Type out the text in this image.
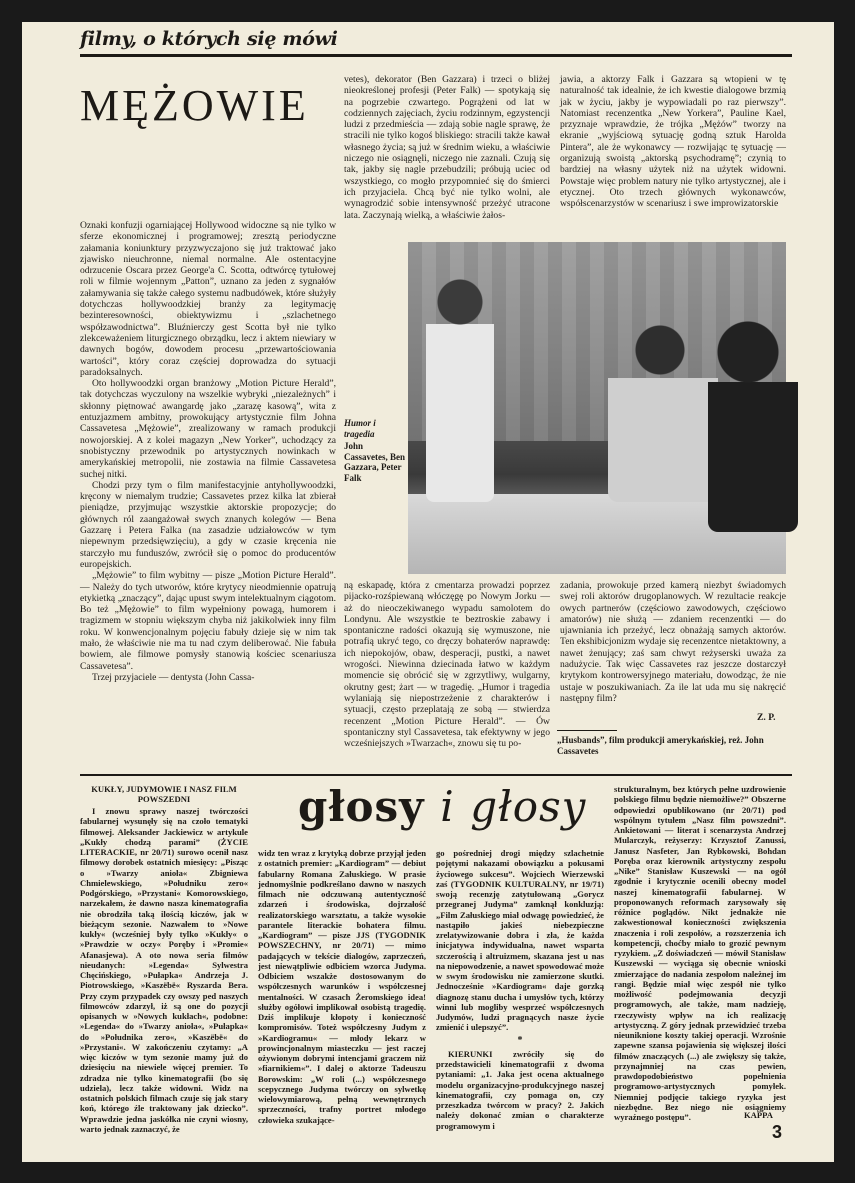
filmy, o których się mówi
MĘŻOWIE

Oznaki konfuzji ogarniającej Hollywood widoczne są nie tylko w sferze ekonomicznej i programowej; zresztą periodyczne załamania koniunktury przyzwyczajono się już traktować jako zjawisko nieuchronne, niemal normalne. Ale ostentacyjne odrzucenie Oscara przez George'a C. Scotta, odtwórcę tytułowej roli w filmie wojennym „Patton”, uznano za jeden z sygnałów załamywania się także całego systemu nadbudówek, które służyły dotychczas hollywoodzkiej branży za legitymację bezinteresowności, obiektywizmu i „szlachetnego współzawodnictwa”. Bluźnierczy gest Scotta był nie tylko zlekceważeniem liturgicznego obrządku, lecz i aktem niewiary w dawnych bogów, dowodem procesu „przewartościowania wartości”, który coraz częściej doprowadza do sytuacji paradoksalnych.

Oto hollywoodzki organ branżowy „Motion Picture Herald”, tak dotychczas wyczulony na wszelkie wybryki „niezależnych” i skłonny piętnować awangardę jako „zarazę kasową”, wita z entuzjazmem ambitny, prowokujący artystycznie film Johna Cassavetesa „Mężowie”, zrealizowany w ramach produkcji nowojorskiej. A z kolei magazyn „New Yorker”, uchodzący za snobistyczny przewodnik po artystycznych nowinkach w amerykańskiej metropolii, nie zostawia na filmie Cassavetesa suchej nitki.

Chodzi przy tym o film manifestacyjnie antyhollywoodzki, kręcony w niemalym trudzie; Cassavetes przez kilka lat zbierał pieniądze, przyjmując wszystkie aktorskie propozycje; do głównych ról zaangażował swych znanych kolegów — Bena Gazzarę i Petera Falka (na zasadzie udziałowców w tym niepewnym przedsięwzięciu), a gdy w czasie kręcenia nie starczyło mu funduszów, zwrócił się o pomoc do producentów europejskich.

„Mężowie” to film wybitny — pisze „Motion Picture Herald”. — Należy do tych utworów, które krytycy nieodmiennie opatrują etykietką „znaczący”, dając upust swym intelektualnym ciągotom. Bo też „Mężowie” to film wypełniony powagą, humorem i tragizmem w stopniu większym chyba niż jakikolwiek inny film roku. W konwencjonalnym pojęciu fabuły dzieje się w nim tak mało, że właściwie nie ma tu nad czym deliberować. Nie fabuła bowiem, ale filmowe pomysły stanowią kościec scenariusza Cassavetesa”.

Trzej przyjaciele — dentysta (John Cassa-

vetes), dekorator (Ben Gazzara) i trzeci o bliżej nieokreślonej profesji (Peter Falk) — spotykają się na pogrzebie czwartego. Pogrążeni od lat w codziennych zajęciach, życiu rodzinnym, egzystencji ludzi z przedmieścia — zdają sobie nagle sprawę, że stracili nie tylko kogoś bliskiego: stracili także kawał własnego życia; są już w średnim wieku, a właściwie niczego nie osiągnęli, niczego nie zaznali. Czują się tak, jakby się nagle przebudzili; próbują uciec od wszystkiego, co mogło przypomnieć się do śmierci ich przyjaciela. Chcą być nie tylko wolni, ale wynagrodzić sobie intensywność przeżyć utracone lata. Zaczynają wielką, a właściwie żałos-

jawia, a aktorzy Falk i Gazzara są wtopieni w tę naturalność tak idealnie, że ich kwestie dialogowe brzmią jak w życiu, jakby je wypowiadali po raz pierwszy”. Natomiast recenzentka „New Yorkera”, Pauline Kael, przyznaje wprawdzie, że trójka „Mężów” tworzy na ekranie „wyjściową sytuację godną sztuk Harolda Pintera”, ale że wykonawcy — rozwijając tę sytuację — organizują swoistą „aktorską psychodramę”; czynią to bardziej na własny użytek niż na użytek widowni. Powstaje więc problem natury nie tylko artystycznej, ale i etycznej. Oto trzech głównych wykonawców, współscenarzystów w scenariusz i swe improwizatorskie

Humor i tragedia
John Cassavetes, Ben Gazzara, Peter Falk

ną eskapadę, która z cmentarza prowadzi poprzez pijacko-rozśpiewaną włóczęgę po Nowym Jorku — aż do nieoczekiwanego wypadu samolotem do Londynu. Ale wszystkie te beztroskie zabawy i spontaniczne radości okazują się wymuszone, nie potrafią ukryć tego, co dręczy bohaterów naprawdę: ich niepokojów, obaw, desperacji, pustki, a nawet wrogości. Niewinna dziecinada łatwo w każdym momencie się obrócić się w zgrzytliwy, wulgarny, okrutny gest; żart — w tragedię. „Humor i tragedia wylaniają się niepostrzeżenie z charakterów i sytuacji, często przeplatają ze sobą — stwierdza recenzent „Motion Picture Herald”. — Ów spontaniczny styl Cassavetesa, tak efektywny w jego wcześniejszych »Twarzach«, znowu się tu po-

zadania, prowokuje przed kamerą niezbyt świadomych swej roli aktorów drugoplanowych. W rezultacie reakcje owych partnerów (częściowo zawodowych, częściowo amatorów) nie służą — zdaniem recenzentki — do ujawniania ich przeżyć, lecz obnażają samych aktorów. Ten ekshibicjonizm wydaje się recenzentce nietaktowny, a nawet żenujący; zaś sam chwyt reżyserski uważa za nadużycie. Tak więc Cassavetes raz jeszcze dostarczył krytykom kontrowersyjnego materiału, dowodząc, że nie ustaje w poszukiwaniach. Za ile lat uda mu się nakręcić następny film?

Z. P.
„Husbands”, film produkcji amerykańskiej, reż. John Cassavetes
głosy i głosy
KUKŁY, JUDYMOWIE I NASZ FILM POWSZEDNI

I znowu sprawy naszej twórczości fabularnej wysunęły się na czoło tematyki filmowej. Aleksander Jackiewicz w artykule „Kukły chodzą parami” (ŻYCIE LITERACKIE, nr 20/71) surowo ocenił nasz filmowy dorobek ostatnich miesięcy: „Pisząc o »Twarzy anioła« Zbigniewa Chmielewskiego, »Południku zero« Podgórskiego, »Przystani« Komorowskiego, narzekałem, że dawno nasza kinematografia nie obrodziła taką ilością kiczów, jak w bieżącym sezonie. Nazwałem to »Nowe kukły« (wcześniej były tylko »Kukły« o »Prawdzie w oczy« Poręby i »Promie« Afanasjewa). A oto nowa seria filmów nieudanych: »Legenda« Sylwestra Chęcińskiego, »Pułapka« Andrzeja J. Piotrowskiego, »Kaszëbë« Ryszarda Bera. Przy czym przypadek czy owszy ped naszych filmowców zdarzył, iż są one do pozycji opisanych w »Nowych kukłach«, podobne: »Legenda« do »Twarzy anioła«, »Pułapka« do »Południka zero«, »Kaszëbë« do »Przystani«. W zakończeniu czytamy: „A więc kiczów w tym sezonie mamy już do dziesięciu na niewiele więcej premier. To zdradza nie tylko kinematografii (bo się udziela), lecz także widowni. Widz na ostatnich polskich filmach czuje się jak stary koń, którego źle traktowany jak dziecko”. Wprawdzie jedna jaskółka nie czyni wiosny, warto jednak zaznaczyć, że

widz ten wraz z krytyką dobrze przyjął jeden z ostatnich premier: „Kardiogram” — debiut fabularny Romana Załuskiego. W prasie jednomyślnie podkreślano dawno w naszych filmach nie odczuwaną autentyczność zdarzeń i środowiska, dojrzałość realizatorskiego warsztatu, a także wysokie parantele literackie bohatera filmu. „Kardiogram” — pisze JJS (TYGODNIK POWSZECHNY, nr 20/71) — mimo padających w tekście dialogów, zaprzeczeń, jest niewątpliwie odbiciem wzorca Judyma. Odbiciem wszakże dostosowanym do współczesnych warunków i współczesnej mentalności. W czasach Żeromskiego idea! służby ogółowi implikował osobistą tragedię. Dziś implikuje kłopoty i konieczność kompromisów. Toteż współczesny Judym z »Kardiogramu« — młody lekarz w prowincjonalnym miasteczku — jest raczej ożywionym dobrymi intencjami graczem niż »fiarnikiem«”. I dalej o aktorze Tadeuszu Borowskim: „W roli (...) współczesnego scepycznego Judyma twórczy on sylwetkę wielowymiarową, pełną wewnętrznych sprzeczności, trafny portret młodego człowieka szukające-

go pośredniej drogi między szlachetnie pojętymi nakazami obowiązku a pokusami życiowego sukcesu”. Wojciech Wierzewski zaś (TYGODNIK KULTURALNY, nr 19/71) swoją recenzję zatytułowaną „Gorycz przegranej Judyma” zamknął konkluzją: „Film Załuskiego miał odwagę powiedzieć, że nastąpiło jakieś niebezpieczne zrelatywizowanie dobra i zła, że każda inicjatywa indywidualna, nawet wsparta szczerością i altruizmem, skazana jest u nas na niepowodzenie, a nawet spowodować może w swym środowisku nie zamierzone skutki. Jednocześnie »Kardiogram« daje gorzką diagnozę stanu ducha i umysłów tych, którzy winni lub mogliby wesprzeć współczesnych Judymów, ludzi pragnących nasze życie zmienić i ulepszyć”.

*

KIERUNKI zwróciły się do przedstawicieli kinematografii z dwoma pytaniami: „1. Jaka jest ocena aktualnego modelu organizacyjno-produkcyjnego naszej kinematografii, czy pomaga on, czy przeszkadza twórcom w pracy? 2. Jakich należy dokonać zmian o charakterze programowym i

strukturalnym, bez których pełne uzdrowienie polskiego filmu będzie niemożliwe?” Obszerne odpowiedzi opublikowano (nr 20/71) pod wspólnym tytułem „Nasz film powszedni”. Ankietowani — literat i scenarzysta Andrzej Mularczyk, reżyserzy: Krzysztof Zanussi, Janusz Nasfeter, Jan Rybkowski, Bohdan Poręba oraz kierownik artystyczny zespołu „Nike” Stanisław Kuszewski — na ogół zgodnie i krytycznie ocenili obecny model naszej kinematografii fabularnej. W proponowanych reformach zarysowały się różnice poglądów. Nikt jednakże nie zakwestionował konieczności zwiększenia znaczenia i roli zespołów, a rozszerzenia ich kompetencji, choćby miało to grozić pewnym ryzykiem. „Z doświadczeń — mówił Stanisław Kuszewski — wyciąga się obecnie wnioski zmierzające do nadania zespołom należnej im rangi. Będzie miał więc zespół nie tylko możliwość podejmowania decyzji programowych, ale także, mam nadzieję, rzeczywisty wpływ na ich realizację artystyczną. Z góry jednak przewidzieć trzeba nieuniknione koszty takiej operacji. Wzrośnie zapewne szansa pojawienia się większej ilości filmów znaczących (...) ale zwiększy się także, przynajmniej na czas pewien, prawdopodobieństwo popełnienia programowo-artystycznych pomyłek. Niemniej podjęcie takiego ryzyka jest niezbędne. Bez niego nie osiągniemy wyraźnego postępu”.	KAPPA
3
